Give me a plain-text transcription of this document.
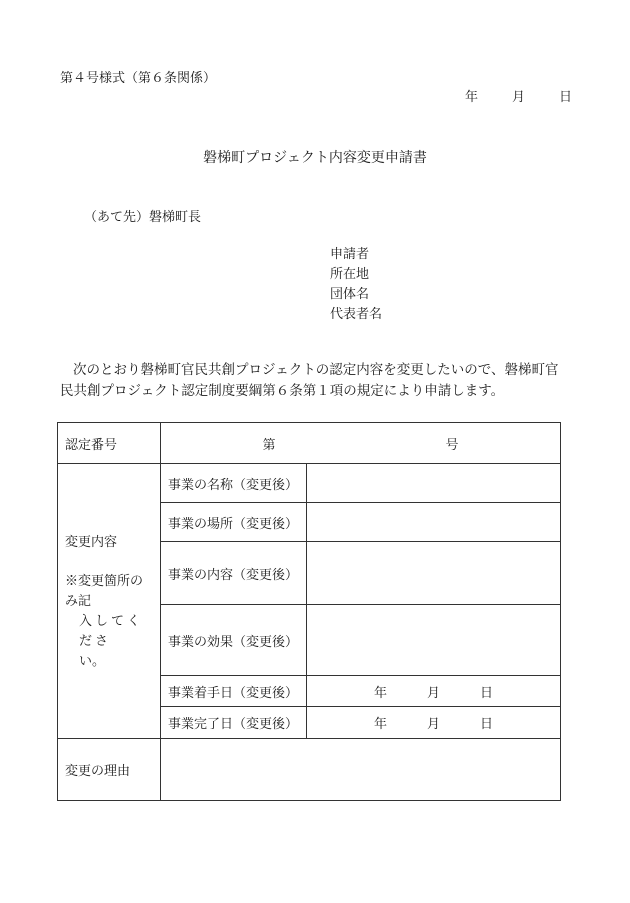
第４号様式（第６条関係）
年	月	日
磐梯町プロジェクト内容変更申請書
（あて先）磐梯町長
申請者
所在地
団体名
代表者名
次のとおり磐梯町官民共創プロジェクトの認定内容を変更したいので、磐梯町官民共創プロジェクト認定制度要綱第６条第１項の規定により申請します。
認定番号	第 号	

変更内容
※変更箇所のみ記
入してくださ
い。	事業の名称（変更後）	
	事業の場所（変更後）	
	事業の内容（変更後）	
	事業の効果（変更後）	
	事業着手日（変更後）	年 月 日

	事業完了日（変更後）	年 月 日

変更の理由		
